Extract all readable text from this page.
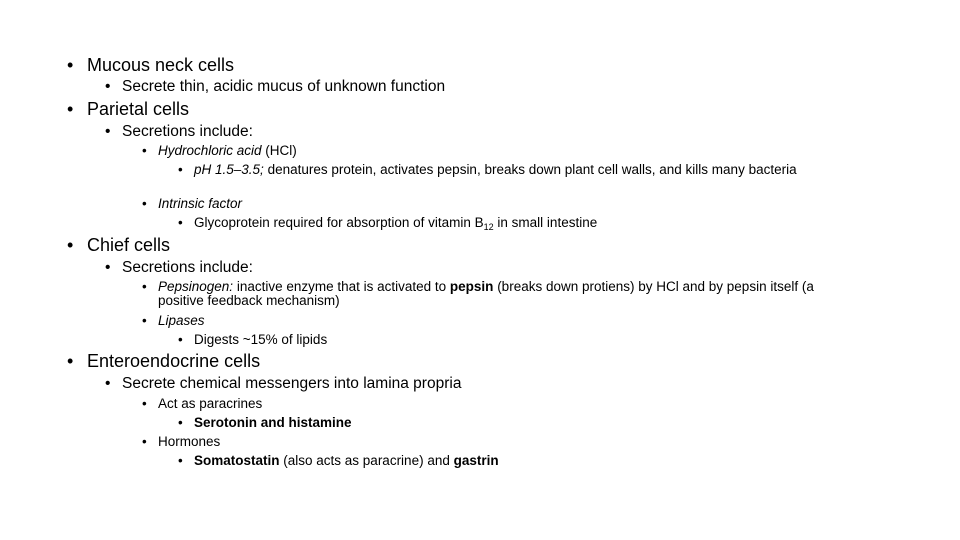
• Mucous neck cells
• Secrete thin, acidic mucus of unknown function
• Parietal cells
• Secretions include:
• Hydrochloric acid (HCl)
• pH 1.5–3.5; denatures protein, activates pepsin, breaks down plant cell walls, and kills many bacteria
• Intrinsic factor
• Glycoprotein required for absorption of vitamin $B_{12}$ in small intestine
• Chief cells
• Secretions include:
• Pepsinogen: inactive enzyme that is activated to pepsin (breaks down protiens) by HCl and by pepsin itself (a positive feedback mechanism)
• Lipases
• Digests ~15% of lipids
• Enteroendocrine cells
• Secrete chemical messengers into lamina propria
• Act as paracrines
• Serotonin and histamine
• Hormones
• Somatostatin (also acts as paracrine) and gastrin
